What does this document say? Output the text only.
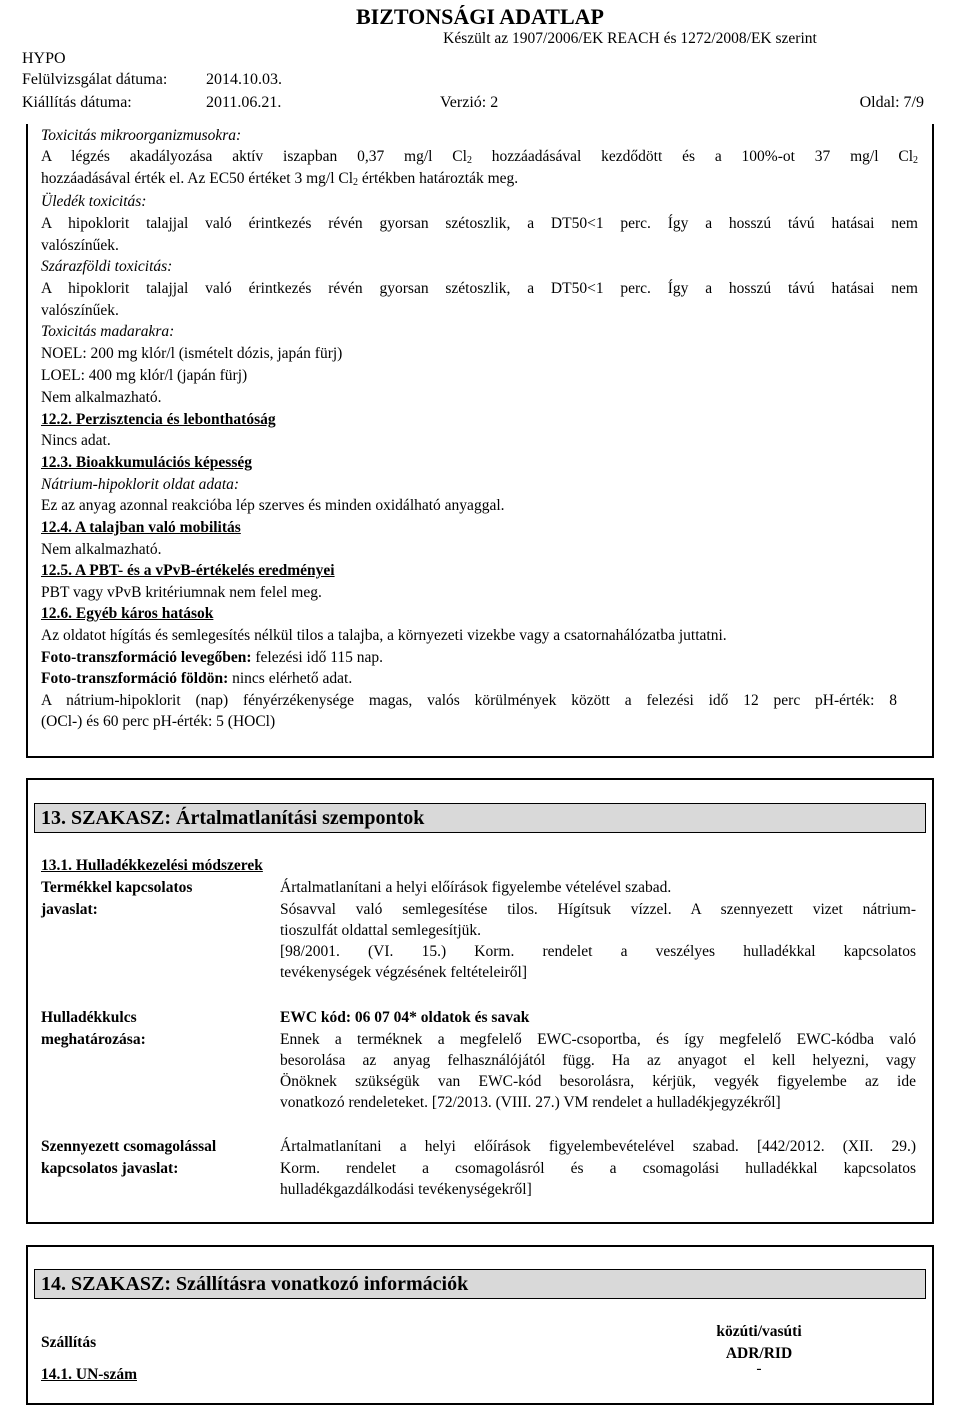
BIZTONSÁGI ADATLAP
Készült az 1907/2006/EK REACH és 1272/2008/EK szerint
HYPO
Felülvizsgálat dátuma: 2014.10.03.
Kiállítás dátuma:	2011.06.21.	Verzió: 2	Oldal: 7/9
Toxicitás mikroorganizmusokra:
A légzés akadályozása aktív iszapban 0,37 mg/l $Cl_2$ hozzáadásával kezdődött és a 100%-ot 37 mg/l $Cl_2$
hozzáadásával érték el. Az EC50 értéket 3 mg/l $Cl_2$ értékben határozták meg.
Üledék toxicitás:
A hipoklorit talajjal való érintkezés révén gyorsan szétoszlik, a DT50<1 perc. Így a hosszú távú hatásai nem
valószínűek.
Szárazföldi toxicitás:
A hipoklorit talajjal való érintkezés révén gyorsan szétoszlik, a DT50<1 perc. Így a hosszú távú hatásai nem
valószínűek.
Toxicitás madarakra:
NOEL: 200 mg klór/l (ismételt dózis, japán fürj)
LOEL: 400 mg klór/l (japán fürj)
Nem alkalmazható.
12.2. Perzisztencia és lebonthatóság
Nincs adat.
12.3. Bioakkumulációs képesség
Nátrium-hipoklorit oldat adata:
Ez az anyag azonnal reakcióba lép szerves és minden oxidálható anyaggal.
12.4. A talajban való mobilitás
Nem alkalmazható.
12.5. A PBT- és a vPvB-értékelés eredményei
PBT vagy vPvB kritériumnak nem felel meg.
12.6. Egyéb káros hatások
Az oldatot hígítás és semlegesítés nélkül tilos a talajba, a környezeti vizekbe vagy a csatornahálózatba juttatni.
Foto-transzformáció levegőben: felezési idő 115 nap.
Foto-transzformáció földön: nincs elérhető adat.
A nátrium-hipoklorit (nap) fényérzékenysége magas, valós körülmények között a felezési idő 12 perc pH-érték: 8
(OCl-) és 60 perc pH-érték: 5 (HOCl)
13. SZAKASZ: Ártalmatlanítási szempontok
13.1. Hulladékkezelési módszerek
Termékkel kapcsolatos
javaslat:
Ártalmatlanítani a helyi előírások figyelembe vételével szabad.
Sósavval való semlegesítése tilos. Hígítsuk vízzel. A szennyezett vizet nátrium-
tioszulfát oldattal semlegesítjük.
[98/2001. (VI. 15.) Korm. rendelet a veszélyes hulladékkal kapcsolatos
tevékenységek végzésének feltételeiről]
Hulladékkulcs
meghatározása:
EWC kód: 06 07 04* oldatok és savak
Ennek a terméknek a megfelelő EWC-csoportba, és így megfelelő EWC-kódba való
besorolása az anyag felhasználójától függ. Ha az anyagot el kell helyezni, vagy
Önöknek szükségük van EWC-kód besorolásra, kérjük, vegyék figyelembe az ide
vonatkozó rendeleteket. [72/2013. (VIII. 27.) VM rendelet a hulladékjegyzékről]
Szennyezett csomagolással
kapcsolatos javaslat:
Ártalmatlanítani a helyi előírások figyelembevételével szabad. [442/2012. (XII. 29.)
Korm. rendelet a csomagolásról és a csomagolási hulladékkal kapcsolatos
hulladékgazdálkodási tevékenységekről]
14. SZAKASZ: Szállításra vonatkozó információk
Szállítás
közúti/vasúti
ADR/RID
14.1. UN-szám	-
